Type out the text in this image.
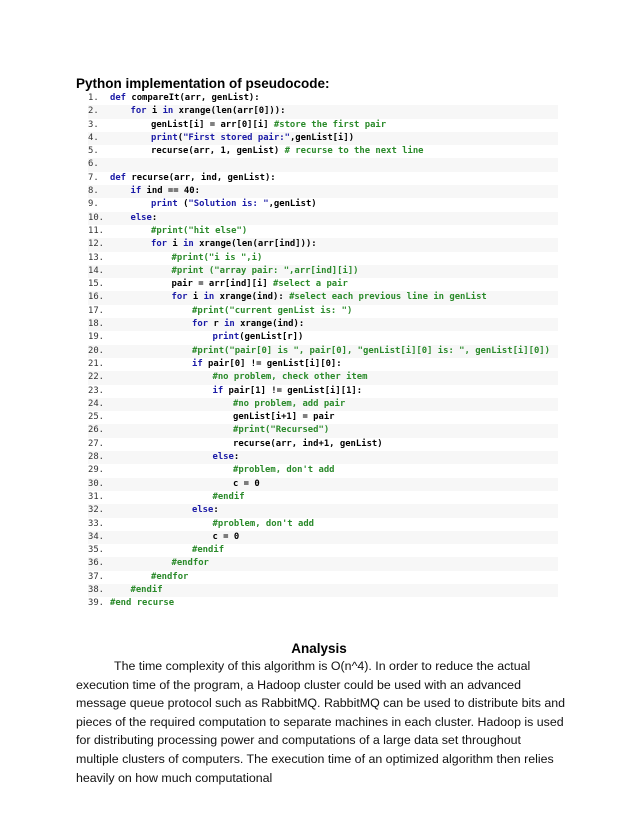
Python implementation of pseudocode:
1. def compareIt(arr, genList):
2.	for i in xrange(len(arr[0])):
3.	genList[i] = arr[0][i] #store the first pair
4.	print("First stored pair:",genList[i])
5.	recurse(arr, 1, genList) # recurse to the next line
6.
7. def recurse(arr, ind, genList):
8.	if ind == 40:
9.	print ("Solution is: ",genList)
10.	else:
11.	#print("hit else")
12.	for i in xrange(len(arr[ind])):
13.	#print("i is ",i)
14.	#print ("array pair: ",arr[ind][i])
15.	pair = arr[ind][i] #select a pair
16.	for i in xrange(ind): #select each previous line in genList
17.	#print("current genList is: ")
18.	for r in xrange(ind):
19.	print(genList[r])
20.	#print("pair[0] is ", pair[0], "genList[i][0] is: ", genList[i][0])
21.	if pair[0] != genList[i][0]:
22.	#no problem, check other item
23.	if pair[1] != genList[i][1]:
24.	#no problem, add pair
25.	genList[i+1] = pair
26.	#print("Recursed")
27.	recurse(arr, ind+1, genList)
28.	else:
29.	#problem, don't add
30.	c = 0
31.	#endif
32.	else:
33.	#problem, don't add
34.	c = 0
35.	#endif
36.	#endfor
37.	#endfor
38.	#endif
39. #end recurse
Analysis

The time complexity of this algorithm is O(n^4). In order to reduce the actual execution time of the program, a Hadoop cluster could be used with an advanced message queue protocol such as RabbitMQ. RabbitMQ can be used to distribute bits and pieces of the required computation to separate machines in each cluster. Hadoop is used for distributing processing power and computations of a large data set throughout multiple clusters of computers. The execution time of an optimized algorithm then relies heavily on how much computational
